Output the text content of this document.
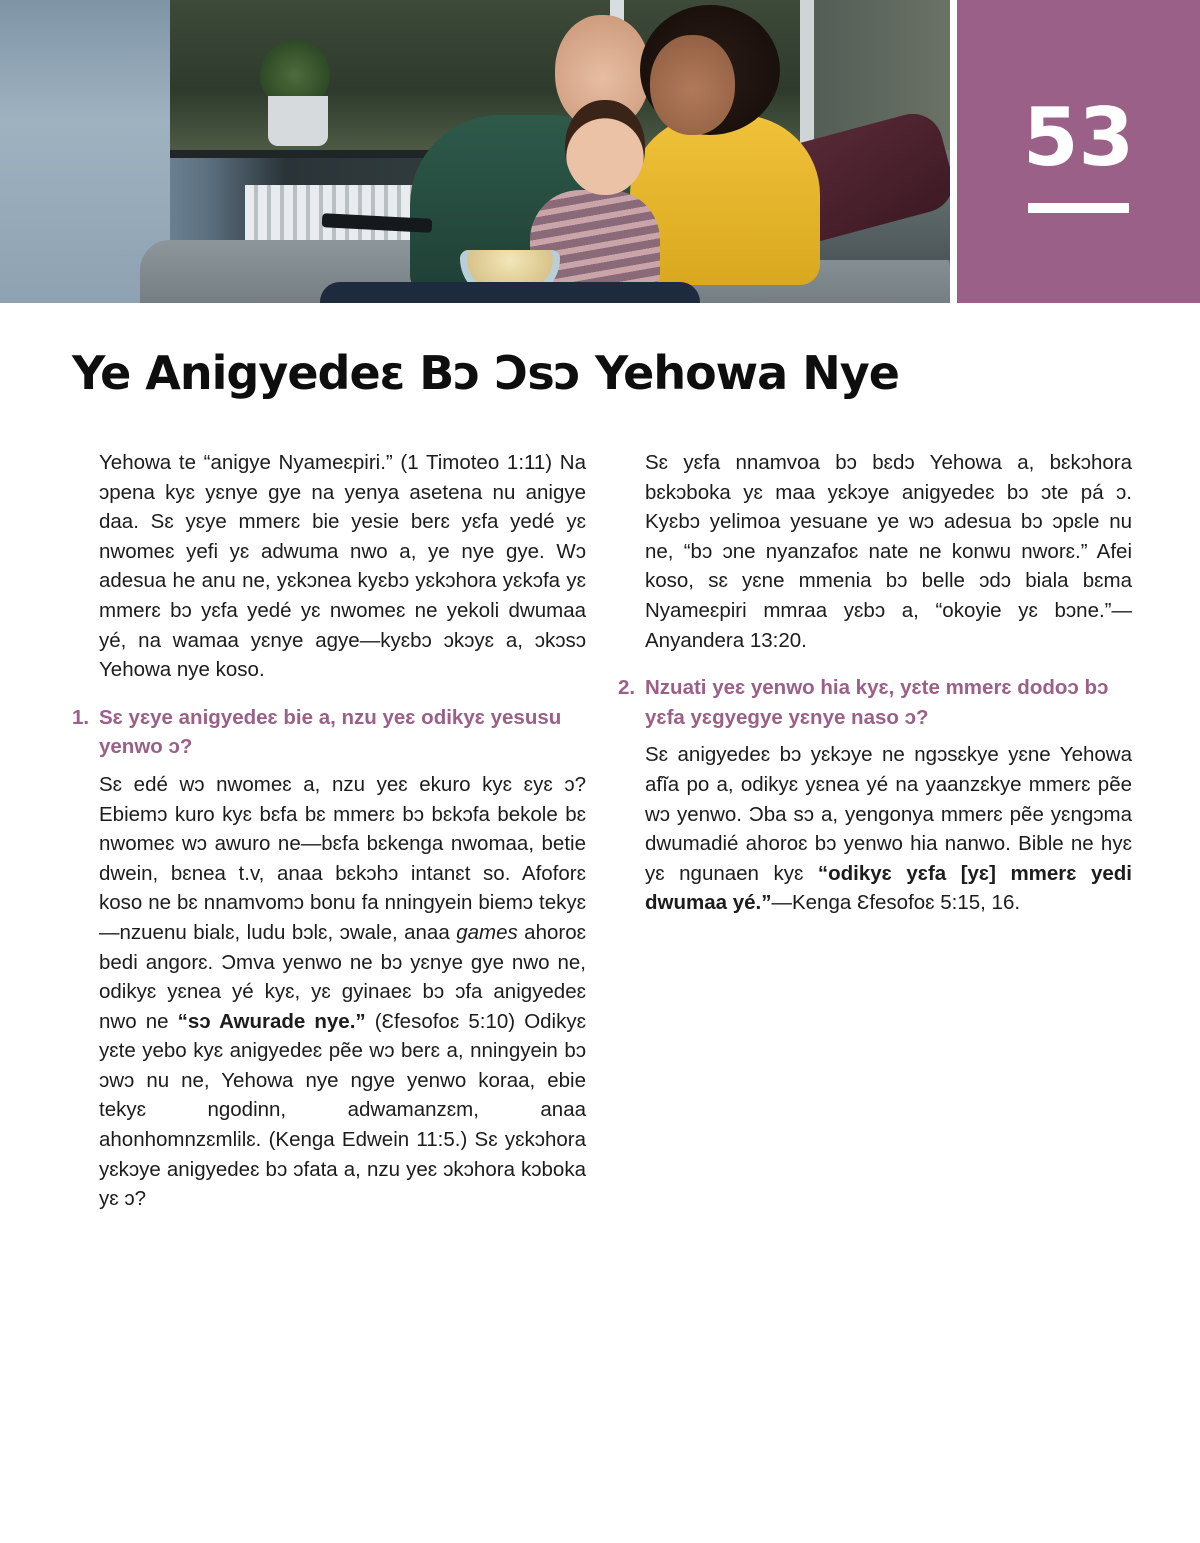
53
Ye Anigyedeɛ Bɔ Ɔsɔ Yehowa Nye

Yehowa te “anigye Nyameɛpiri.” (1 Timoteo 1:11) Na ɔpena kyɛ yɛnye gye na yenya asetena nu anigye daa. Sɛ yɛye mmerɛ bie yesie berɛ yɛfa yedé yɛ nwomeɛ yefi yɛ adwuma nwo a, ye nye gye. Wɔ adesua he anu ne, yɛkɔnea kyɛbɔ yɛkɔhora yɛkɔfa yɛ mmerɛ bɔ yɛfa yedé yɛ nwomeɛ ne yekoli dwumaa yé, na wamaa yɛnye agye—kyɛbɔ ɔkɔyɛ a, ɔkɔsɔ Yehowa nye koso.

1. Sɛ yɛye anigyedeɛ bie a, nzu yeɛ odikyɛ yesusu yenwo ɔ?

Sɛ edé wɔ nwomeɛ a, nzu yeɛ ekuro kyɛ ɛyɛ ɔ? Ebiemɔ kuro kyɛ bɛfa bɛ mmerɛ bɔ bɛkɔfa bekole bɛ nwomeɛ wɔ awuro ne—bɛfa bɛkenga nwomaa, betie dwein, bɛnea t.v, anaa bɛkɔhɔ intanɛt so. Afoforɛ koso ne bɛ nnamvomɔ bonu fa nningyein biemɔ tekyɛ—nzuenu bialɛ, ludu bɔlɛ, ɔwale, anaa games ahoroɛ bedi angorɛ. Ɔmva yenwo ne bɔ yɛnye gye nwo ne, odikyɛ yɛnea yé kyɛ, yɛ gyinaeɛ bɔ ɔfa anigyedeɛ nwo ne “sɔ Awurade nye.” (Ɛfesofoɛ 5:10) Odikyɛ yɛte yebo kyɛ anigyedeɛ pẽe wɔ berɛ a, nningyein bɔ ɔwɔ nu ne, Yehowa nye ngye yenwo koraa, ebie tekyɛ ngodinn, adwamanzɛm, anaa ahonhomnzɛmlilɛ. (Kenga Edwein 11:5.) Sɛ yɛkɔhora yɛkɔye anigyedeɛ bɔ ɔfata a, nzu yeɛ ɔkɔhora kɔboka yɛ ɔ?

Sɛ yɛfa nnamvoa bɔ bɛdɔ Yehowa a, bɛkɔhora bɛkɔboka yɛ maa yɛkɔye anigyedeɛ bɔ ɔte pá ɔ. Kyɛbɔ yelimoa yesuane ye wɔ adesua bɔ ɔpɛle nu ne, “bɔ ɔne nyanzafoɛ nate ne konwu nworɛ.” Afei koso, sɛ yɛne mmenia bɔ belle ɔdɔ biala bɛma Nyameɛpiri mmraa yɛbɔ a, “okoyie yɛ bɔne.”—Anyandera 13:20.

2. Nzuati yeɛ yenwo hia kyɛ, yɛte mmerɛ dodoɔ bɔ yɛfa yɛgyegye yɛnye naso ɔ?

Sɛ anigyedeɛ bɔ yɛkɔye ne ngɔsɛkye yɛne Yehowa afĩa po a, odikyɛ yɛnea yé na yaanzɛkye mmerɛ pẽe wɔ yenwo. Ɔba sɔ a, yengonya mmerɛ pẽe yɛngɔma dwumadié ahoroɛ bɔ yenwo hia nanwo. Bible ne hyɛ yɛ ngunaen kyɛ “odikyɛ yɛfa [yɛ] mmerɛ yedi dwumaa yé.”—Kenga Ɛfesofoɛ 5:15, 16.
